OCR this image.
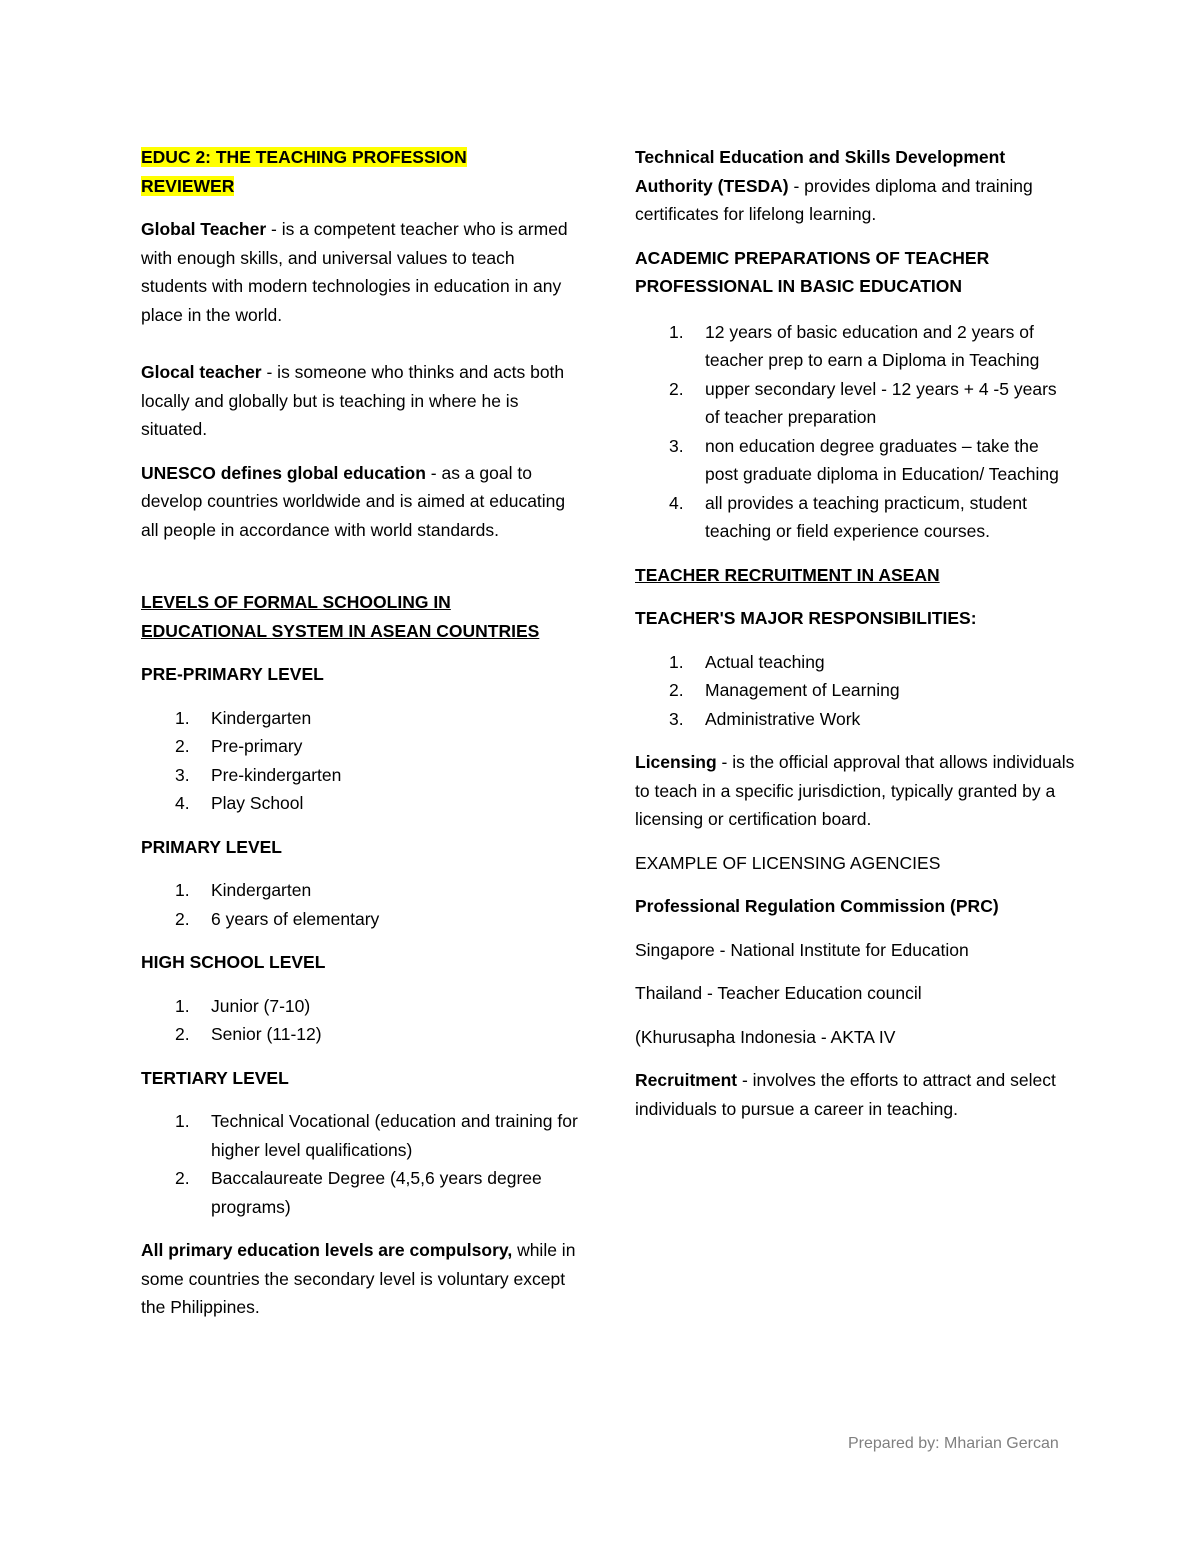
EDUC 2: THE TEACHING PROFESSION
REVIEWER

Global Teacher - is a competent teacher who is armed with enough skills, and universal values to teach students with modern technologies in education in any place in the world.

Glocal teacher - is someone who thinks and acts both locally and globally but is teaching in where he is situated.

UNESCO defines global education - as a goal to develop countries worldwide and is aimed at educating all people in accordance with world standards.

LEVELS OF FORMAL SCHOOLING IN
EDUCATIONAL SYSTEM IN ASEAN COUNTRIES

PRE-PRIMARY LEVEL

1. Kindergarten
2. Pre-primary
3. Pre-kindergarten
4. Play School

PRIMARY LEVEL

1. Kindergarten
2. 6 years of elementary

HIGH SCHOOL LEVEL

1. Junior (7-10)
2. Senior (11-12)

TERTIARY LEVEL

1. Technical Vocational (education and training for higher level qualifications)
2. Baccalaureate Degree (4,5,6 years degree programs)

All primary education levels are compulsory, while in some countries the secondary level is voluntary except the Philippines.

Technical Education and Skills Development Authority (TESDA) - provides diploma and training certificates for lifelong learning.

ACADEMIC PREPARATIONS OF TEACHER
PROFESSIONAL IN BASIC EDUCATION

1. 12 years of basic education and 2 years of teacher prep to earn a Diploma in Teaching
2. upper secondary level - 12 years + 4 -5 years of teacher preparation
3. non education degree graduates – take the post graduate diploma in Education/ Teaching
4. all provides a teaching practicum, student teaching or field experience courses.

TEACHER RECRUITMENT IN ASEAN

TEACHER'S MAJOR RESPONSIBILITIES:

1. Actual teaching
2. Management of Learning
3. Administrative Work

Licensing - is the official approval that allows individuals to teach in a specific jurisdiction, typically granted by a licensing or certification board.

EXAMPLE OF LICENSING AGENCIES

Professional Regulation Commission (PRC)

Singapore - National Institute for Education

Thailand - Teacher Education council

(Khurusapha Indonesia - AKTA IV

Recruitment - involves the efforts to attract and select individuals to pursue a career in teaching.

Prepared by: Mharian Gercan
